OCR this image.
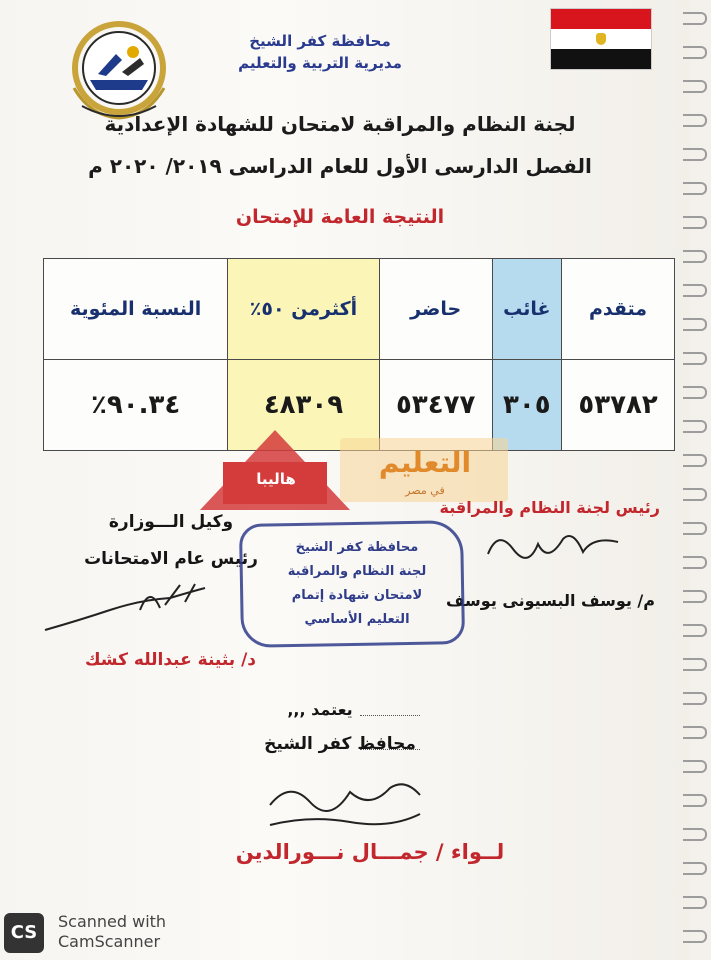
محافظة كفر الشيخ
مديرية التربية والتعليم
لجنة النظام والمراقبة لامتحان للشهادة الإعدادية
الفصل الدارسى الأول للعام الدراسى ٢٠١٩/ ٢٠٢٠ م
النتيجة العامة للإمتحان
متقدم	غائب	حاضر	أكثرمن ٥٠٪	النسبة المئوية
٥٣٧٨٢	٣٠٥	٥٣٤٧٧	٤٨٣٠٩	٩٠.٣٤٪
ﻫﺎﻟﻴﺒﺎ	التعليم
في مصر
رئيس لجنة النظام والمراقبة
م/ يوسف البسيونى يوسف
وكيل الـــوزارة
رئيس عام الامتحانات
د/ بثينة عبدالله كشك
محافظة كفر الشيخ
لجنة النظام والمراقبة
لامتحان شهادة إتمام
التعليم الأساسي
يعتمد ,,,
محافظ كفر الشيخ
لــواء / جمـــال نـــورالدين
CS
Scanned with
CamScanner
